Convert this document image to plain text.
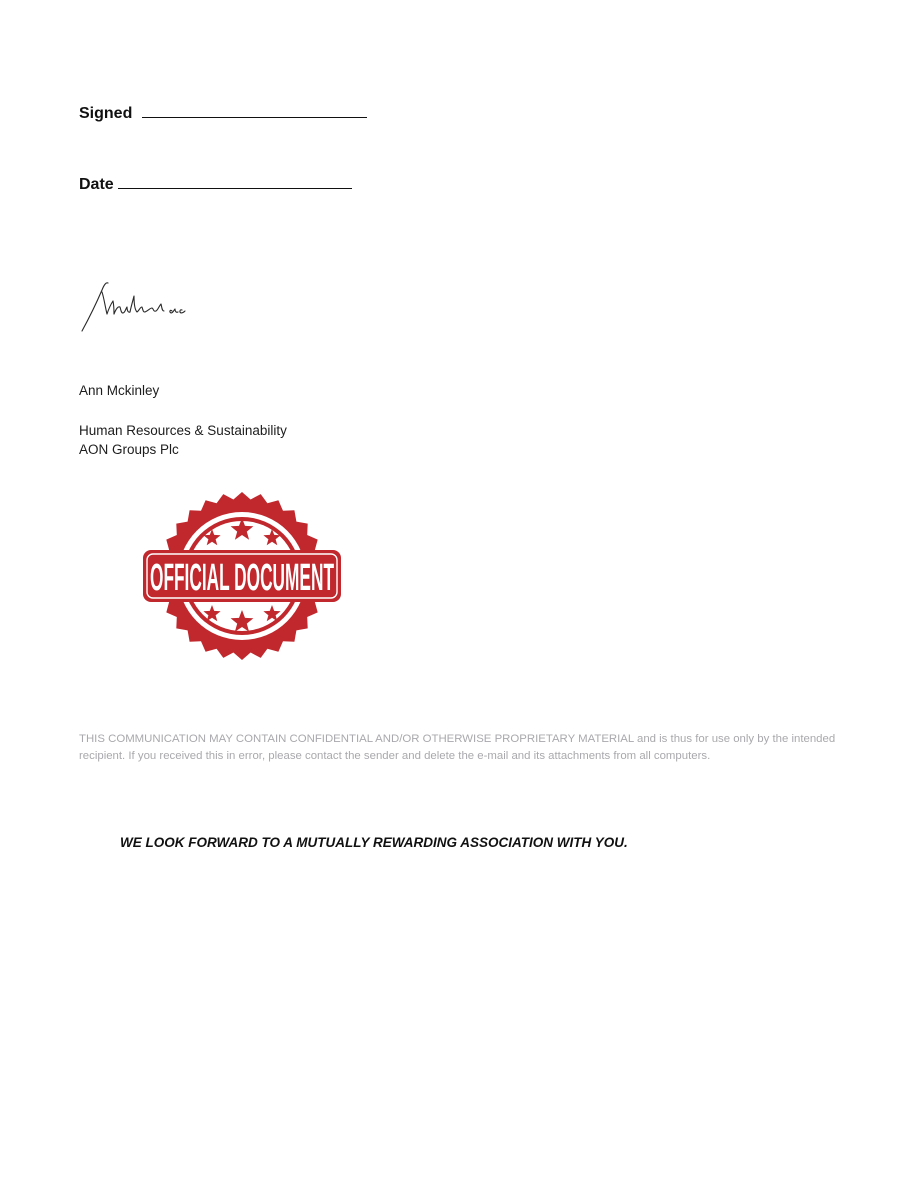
Signed
Date
Ann Mckinley
Human Resources & Sustainability
AON Groups Plc
OFFICIAL DOCUMENT
THIS COMMUNICATION MAY CONTAIN CONFIDENTIAL AND/OR OTHERWISE PROPRIETARY MATERIAL and is thus for use only by the intended recipient. If you received this in error, please contact the sender and delete the e-mail and its attachments from all computers.
WE LOOK FORWARD TO A MUTUALLY REWARDING ASSOCIATION WITH YOU.
